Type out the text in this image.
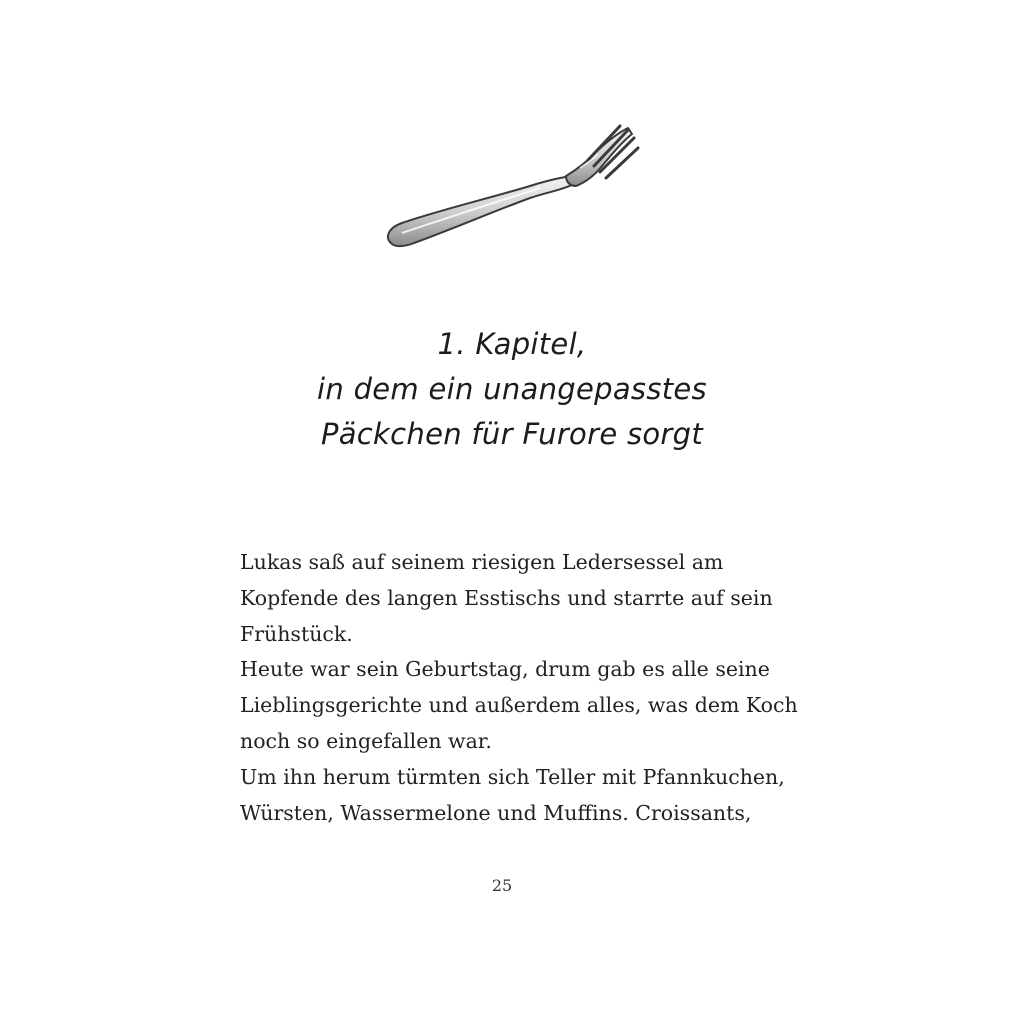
1. Kapitel,
in dem ein unangepasstes
Päckchen für Furore sorgt
Lukas saß auf seinem riesigen Ledersessel am
Kopfende des langen Esstischs und starrte auf sein
Frühstück.
Heute war sein Geburtstag, drum gab es alle seine
Lieblingsgerichte und außerdem alles, was dem Koch
noch so eingefallen war.
Um ihn herum türmten sich Teller mit Pfannkuchen,
Würsten, Wassermelone und Muffins. Croissants,
25
